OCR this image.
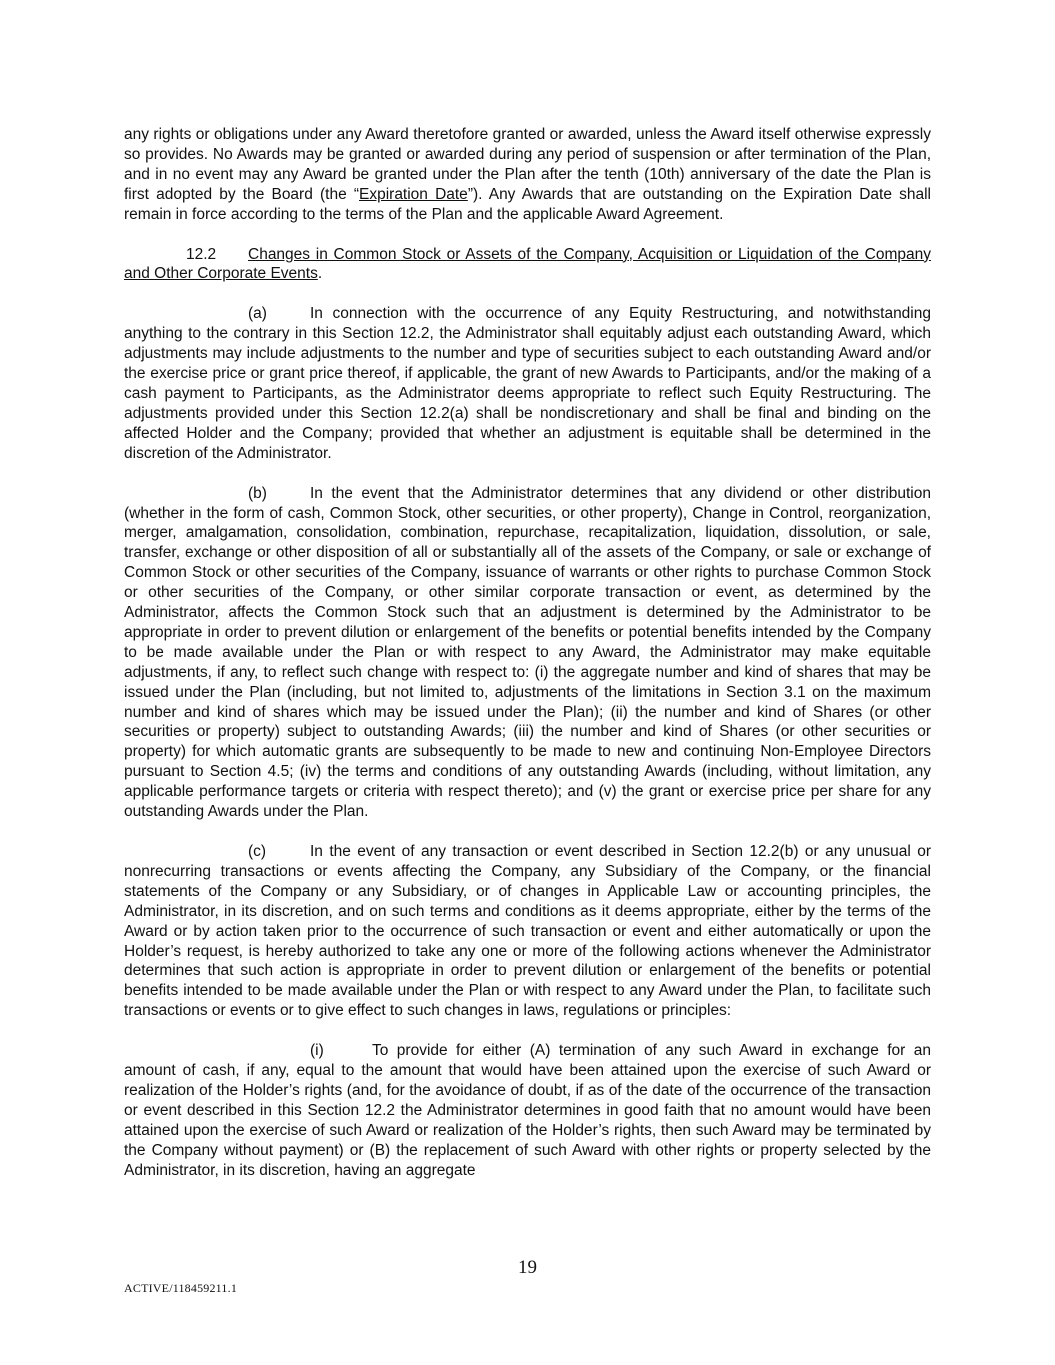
any rights or obligations under any Award theretofore granted or awarded, unless the Award itself otherwise expressly so provides. No Awards may be granted or awarded during any period of suspension or after termination of the Plan, and in no event may any Award be granted under the Plan after the tenth (10th) anniversary of the date the Plan is first adopted by the Board (the “Expiration Date”). Any Awards that are outstanding on the Expiration Date shall remain in force according to the terms of the Plan and the applicable Award Agreement.

12.2 Changes in Common Stock or Assets of the Company, Acquisition or Liquidation of the Company and Other Corporate Events.

(a)	In connection with the occurrence of any Equity Restructuring, and notwithstanding anything to the contrary in this Section 12.2, the Administrator shall equitably adjust each outstanding Award, which adjustments may include adjustments to the number and type of securities subject to each outstanding Award and/or the exercise price or grant price thereof, if applicable, the grant of new Awards to Participants, and/or the making of a cash payment to Participants, as the Administrator deems appropriate to reflect such Equity Restructuring. The adjustments provided under this Section 12.2(a) shall be nondiscretionary and shall be final and binding on the affected Holder and the Company; provided that whether an adjustment is equitable shall be determined in the discretion of the Administrator.

(b)	In the event that the Administrator determines that any dividend or other distribution (whether in the form of cash, Common Stock, other securities, or other property), Change in Control, reorganization, merger, amalgamation, consolidation, combination, repurchase, recapitalization, liquidation, dissolution, or sale, transfer, exchange or other disposition of all or substantially all of the assets of the Company, or sale or exchange of Common Stock or other securities of the Company, issuance of warrants or other rights to purchase Common Stock or other securities of the Company, or other similar corporate transaction or event, as determined by the Administrator, affects the Common Stock such that an adjustment is determined by the Administrator to be appropriate in order to prevent dilution or enlargement of the benefits or potential benefits intended by the Company to be made available under the Plan or with respect to any Award, the Administrator may make equitable adjustments, if any, to reflect such change with respect to: (i) the aggregate number and kind of shares that may be issued under the Plan (including, but not limited to, adjustments of the limitations in Section 3.1 on the maximum number and kind of shares which may be issued under the Plan); (ii) the number and kind of Shares (or other securities or property) subject to outstanding Awards; (iii) the number and kind of Shares (or other securities or property) for which automatic grants are subsequently to be made to new and continuing Non-Employee Directors pursuant to Section 4.5; (iv) the terms and conditions of any outstanding Awards (including, without limitation, any applicable performance targets or criteria with respect thereto); and (v) the grant or exercise price per share for any outstanding Awards under the Plan.

(c)	In the event of any transaction or event described in Section 12.2(b) or any unusual or nonrecurring transactions or events affecting the Company, any Subsidiary of the Company, or the financial statements of the Company or any Subsidiary, or of changes in Applicable Law or accounting principles, the Administrator, in its discretion, and on such terms and conditions as it deems appropriate, either by the terms of the Award or by action taken prior to the occurrence of such transaction or event and either automatically or upon the Holder’s request, is hereby authorized to take any one or more of the following actions whenever the Administrator determines that such action is appropriate in order to prevent dilution or enlargement of the benefits or potential benefits intended to be made available under the Plan or with respect to any Award under the Plan, to facilitate such transactions or events or to give effect to such changes in laws, regulations or principles:

(i)	To provide for either (A) termination of any such Award in exchange for an amount of cash, if any, equal to the amount that would have been attained upon the exercise of such Award or realization of the Holder’s rights (and, for the avoidance of doubt, if as of the date of the occurrence of the transaction or event described in this Section 12.2 the Administrator determines in good faith that no amount would have been attained upon the exercise of such Award or realization of the Holder’s rights, then such Award may be terminated by the Company without payment) or (B) the replacement of such Award with other rights or property selected by the Administrator, in its discretion, having an aggregate

19
ACTIVE/118459211.1
